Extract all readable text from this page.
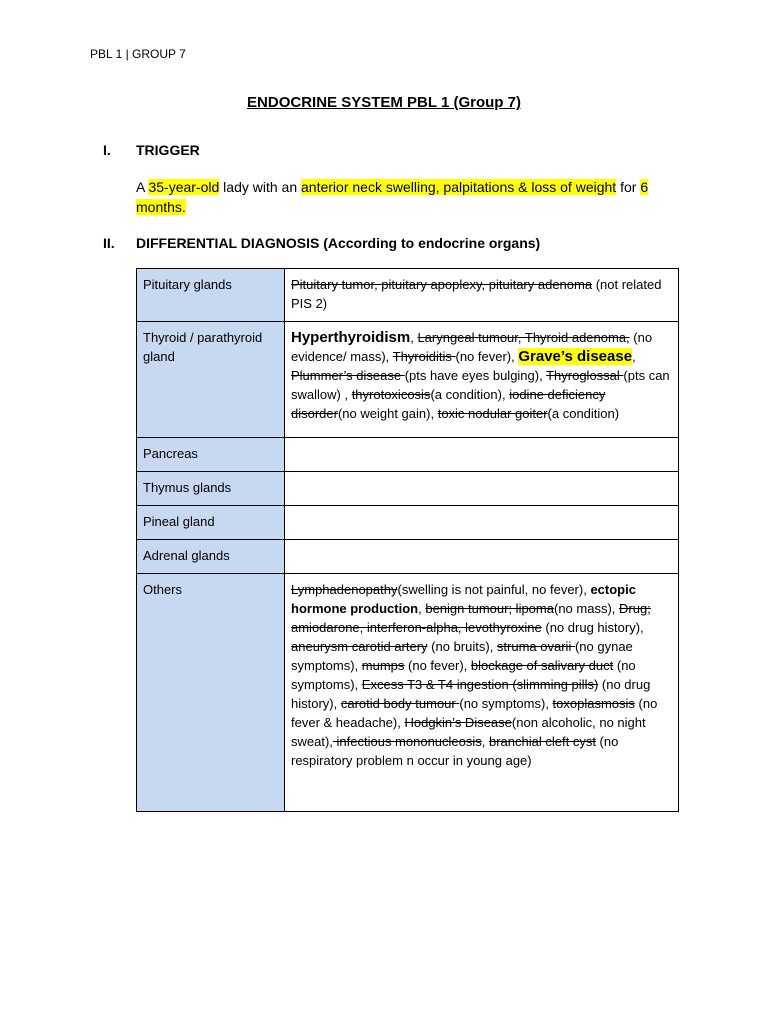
PBL 1 | GROUP 7
ENDOCRINE SYSTEM PBL 1 (Group 7)
I. TRIGGER
A 35-year-old lady with an anterior neck swelling, palpitations & loss of weight for 6 months.
II. DIFFERENTIAL DIAGNOSIS (According to endocrine organs)
Pituitary glands	Pituitary tumor, pituitary apoplexy, pituitary adenoma (not related PIS 2)
Thyroid / parathyroid gland	Hyperthyroidism, Laryngeal tumour, Thyroid adenoma, (no evidence/ mass), Thyroiditis (no fever), Grave’s disease, Plummer’s disease (pts have eyes bulging), Thyroglossal (pts can swallow) , thyrotoxicosis(a condition), iodine deficiency disorder(no weight gain), toxic nodular goiter(a condition)
Pancreas	
Thymus glands	
Pineal gland	
Adrenal glands	
Others	Lymphadenopathy(swelling is not painful, no fever), ectopic hormone production, benign tumour; lipoma(no mass), Drug; amiodarone, interferon-alpha, levothyroxine (no drug history), aneurysm carotid artery (no bruits), struma ovarii (no gynae symptoms), mumps (no fever), blockage of salivary duct (no symptoms), Excess T3 & T4 ingestion (slimming pills) (no drug history), carotid body tumour (no symptoms), toxoplasmosis (no fever & headache), Hodgkin’s Disease(non alcoholic, no night sweat), infectious mononucleosis, branchial cleft cyst (no respiratory problem n occur in young age)
